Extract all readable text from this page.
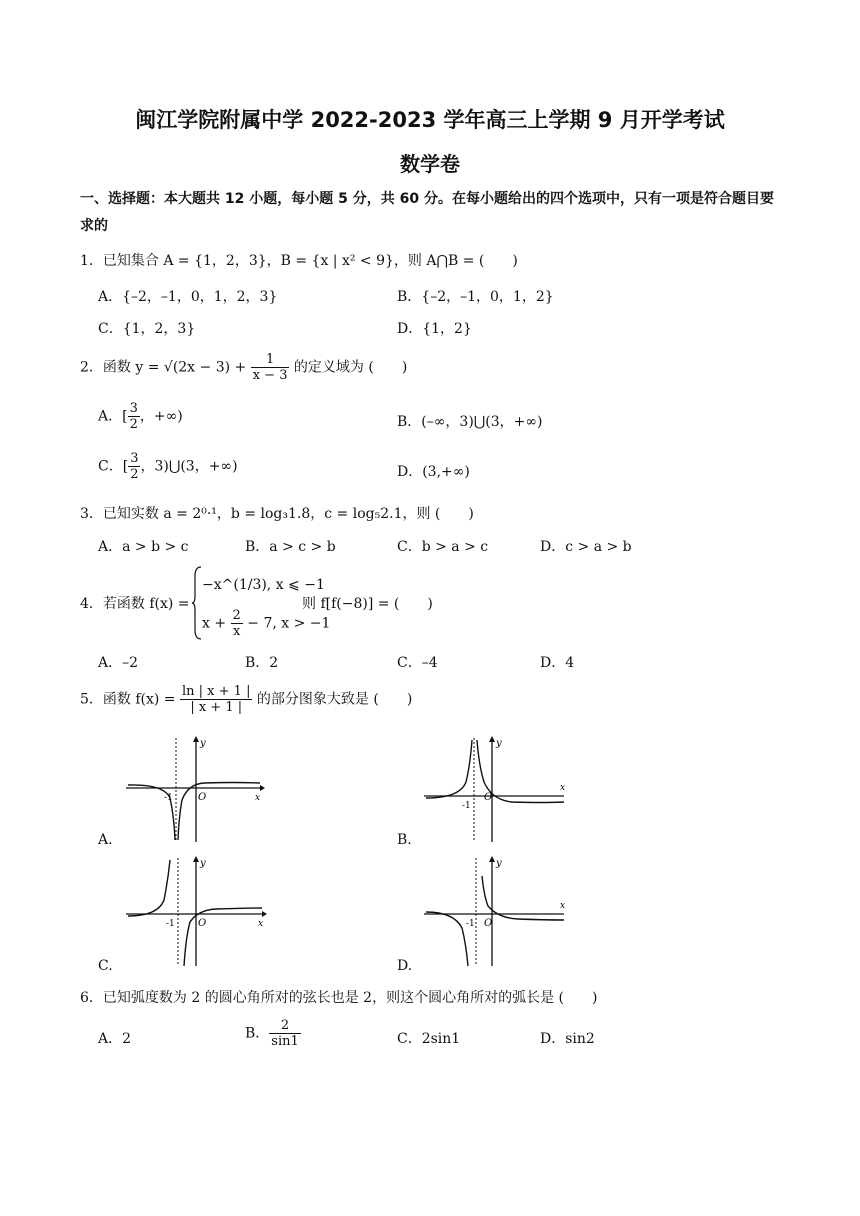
闽江学院附属中学 2022-2023 学年高三上学期 9 月开学考试
数学卷
一、选择题：本大题共 12 小题，每小题 5 分，共 60 分。在每小题给出的四个选项中，只有一项是符合题目要求的
1．已知集合 A = {1，2，3}，B = {x | x² < 9}，则 A⋂B = (　　)
A．{–2，–1，0，1，2，3}	B．{–2，–1，0，1，2}
C．{1，2，3}	D．{1，2}
2．函数 $y = √(2x - 3) + \frac{1}{x - 3}$ 的定义域为 (　　)
A．[ $\frac{3}{2}$ ，+∞)	B．(–∞，3)⋃(3，+∞)
C．[ $\frac{3}{2}$ ，3)⋃(3，+∞)	D．(3,+∞)
3．已知实数 a = 2⁰·¹，b = log₃1.8，c = log₅2.1，则 (　　)
A．a > b > c	B．a > c > b	C．b > a > c	D．c > a > b
4．若函数 f(x) =
−x^(1/3), x ⩽ −1
$x + \frac{2}{x} - 7$, x > −1
则 f[f(−8)] = (　　)
A．–2	B．2	C．–4	D．4
5．函数 $f(x) = \frac{\ln | x + 1 |}{| x + 1 |}$ 的部分图象大致是 (　　)
y
x
O
-1
A.
y
x
O
-1
B.
y
x
O
-1
C.
y
x
O
-1
D.
6．已知弧度数为 2 的圆心角所对的弦长也是 2，则这个圆心角所对的弧长是 (　　)
A．2	B． $\frac{2}{\sin 1}$	C．2sin1	D．sin2
